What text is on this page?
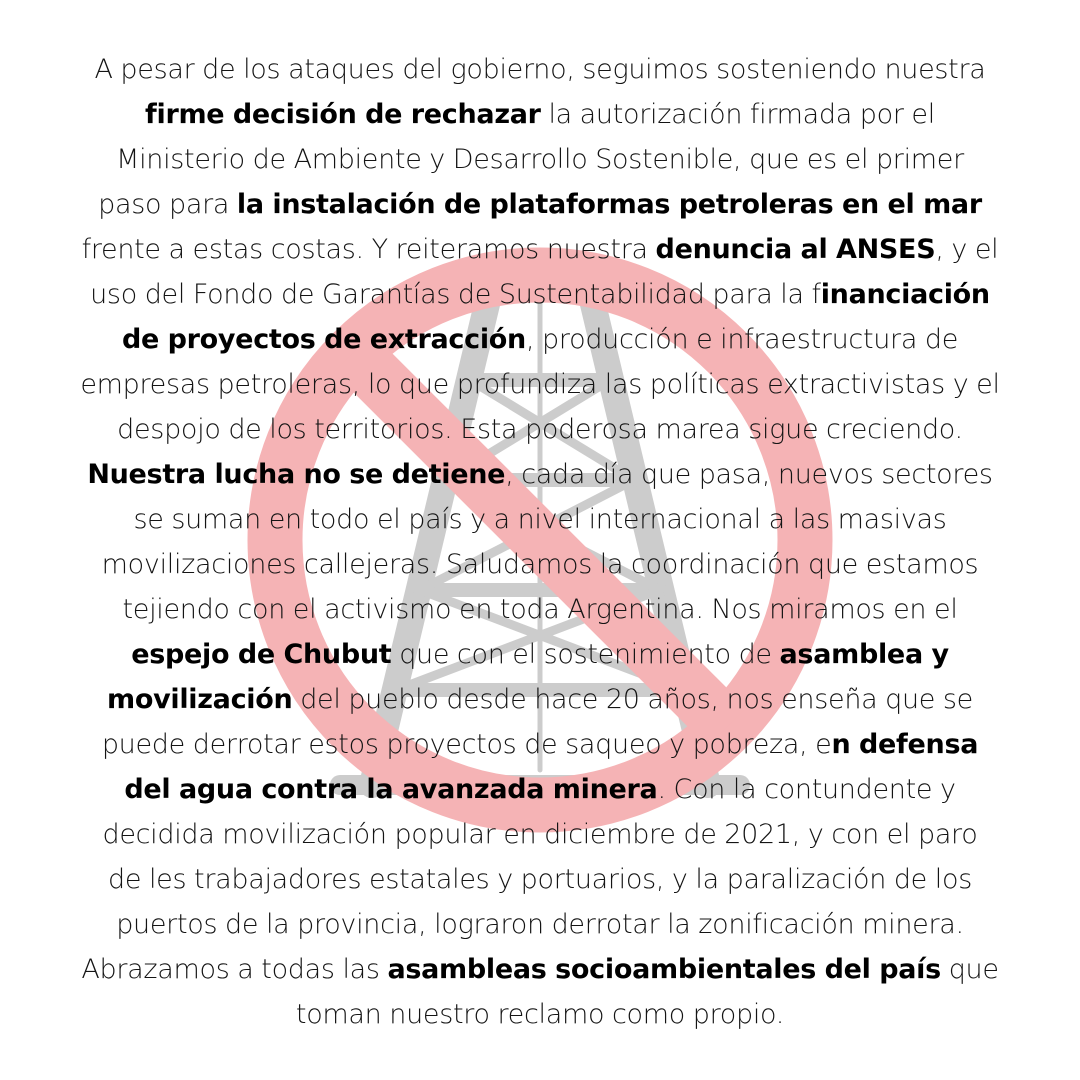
A pesar de los ataques del gobierno, seguimos sosteniendo nuestra
firme decisión de rechazar la autorización firmada por el
Ministerio de Ambiente y Desarrollo Sostenible, que es el primer
paso para la instalación de plataformas petroleras en el mar
frente a estas costas. Y reiteramos nuestra denuncia al ANSES, y el
uso del Fondo de Garantías de Sustentabilidad para la financiación
de proyectos de extracción, producción e infraestructura de
empresas petroleras, lo que profundiza las políticas extractivistas y el
despojo de los territorios. Esta poderosa marea sigue creciendo.
Nuestra lucha no se detiene, cada día que pasa, nuevos sectores
se suman en todo el país y a nivel internacional a las masivas
movilizaciones callejeras. Saludamos la coordinación que estamos
tejiendo con el activismo en toda Argentina. Nos miramos en el
espejo de Chubut que con el sostenimiento de asamblea y
movilización del pueblo desde hace 20 años, nos enseña que se
puede derrotar estos proyectos de saqueo y pobreza, en defensa
del agua contra la avanzada minera. Con la contundente y
decidida movilización popular en diciembre de 2021, y con el paro
de les trabajadores estatales y portuarios, y la paralización de los
puertos de la provincia, lograron derrotar la zonificación minera.
Abrazamos a todas las asambleas socioambientales del país que
toman nuestro reclamo como propio.
